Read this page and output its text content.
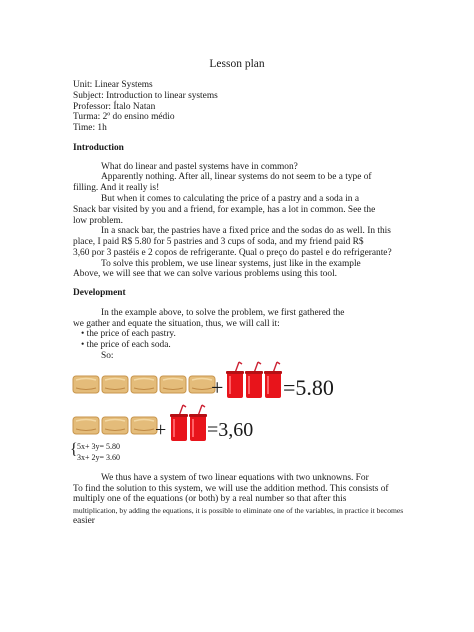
Lesson plan
Unit: Linear Systems
Subject: Introduction to linear systems
Professor: Ítalo Natan
Turma: 2º do ensino médio
Time: 1h
Introduction
What do linear and pastel systems have in common?
Apparently nothing. After all, linear systems do not seem to be a type of
filling. And it really is!
But when it comes to calculating the price of a pastry and a soda in a
Snack bar visited by you and a friend, for example, has a lot in common. See the
low problem.
In a snack bar, the pastries have a fixed price and the sodas do as well. In this
place, I paid R$ 5.80 for 5 pastries and 3 cups of soda, and my friend paid R$
3,60 por 3 pastéis e 2 copos de refrigerante. Qual o preço do pastel e do refrigerante?
To solve this problem, we use linear systems, just like in the example
Above, we will see that we can solve various problems using this tool.
Development
In the example above, to solve the problem, we first gathered the
we gather and equate the situation, thus, we will call it:
• the price of each pastry.
• the price of each soda.
So:
+	=5.80
+ =3,60
{ 5x+ 3y= 5.80
3x+ 2y= 3.60
We thus have a system of two linear equations with two unknowns. For
To find the solution to this system, we will use the addition method. This consists of
multiply one of the equations (or both) by a real number so that after this
multiplication, by adding the equations, it is possible to eliminate one of the variables, in practice it becomes
easier
